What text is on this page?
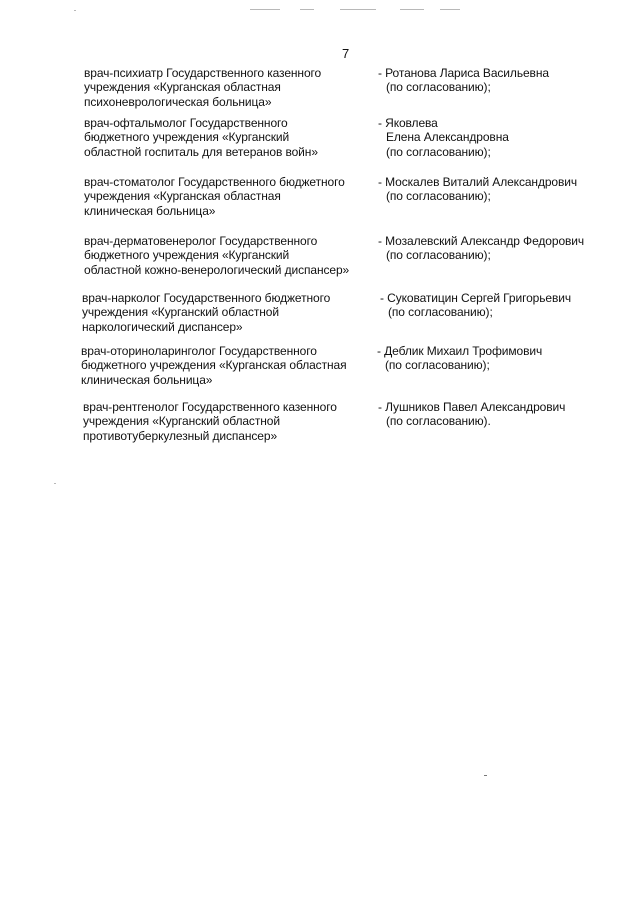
7
врач-психиатр Государственного казенного
учреждения «Курганская областная
психоневрологическая больница»
- Ротанова Лариса Васильевна
(по согласованию);
врач-офтальмолог Государственного
бюджетного учреждения «Курганский
областной госпиталь для ветеранов войн»
- Яковлева
Елена Александровна
(по согласованию);
врач-стоматолог Государственного бюджетного
учреждения «Курганская областная
клиническая больница»
- Москалев Виталий Александрович
(по согласованию);
врач-дерматовенеролог Государственного
бюджетного учреждения «Курганский
областной кожно-венерологический диспансер»
- Мозалевский Александр Федорович
(по согласованию);
врач-нарколог Государственного бюджетного
учреждения «Курганский областной
наркологический диспансер»
- Суковатицин Сергей Григорьевич
(по согласованию);
врач-оториноларинголог Государственного
бюджетного учреждения «Курганская областная
клиническая больница»
- Деблик Михаил Трофимович
(по согласованию);
врач-рентгенолог Государственного казенного
учреждения «Курганский областной
противотуберкулезный диспансер»
- Лушников Павел Александрович
(по согласованию).
